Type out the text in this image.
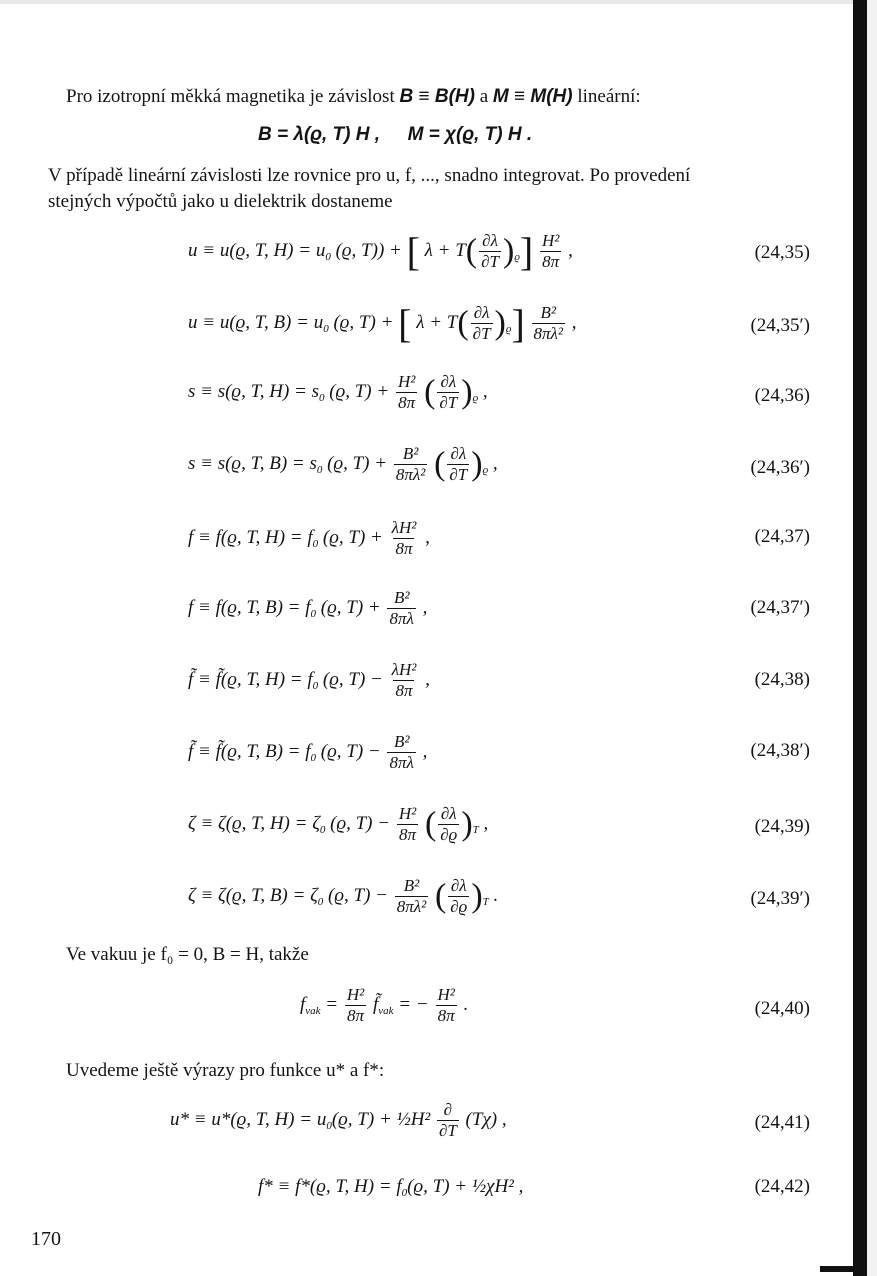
Pro izotropní měkká magnetika je závislost B ≡ B(H) a M ≡ M(H) lineární:
B = λ(ϱ, T) H , M = χ(ϱ, T) H .
V případě lineární závislosti lze rovnice pro u, f, ..., snadno integrovat. Po provedení
stejných výpočtů jako u dielektrik dostaneme
u ≡ u(ϱ, T, $H) = u_0$ (ϱ, T)) + [ $\lambda + T( \frac{\partial\lambda}{\partial T} )_ϱ] \frac{\text{H²}}{8\pi}$ ,	(24,35)
u ≡ u(ϱ, T, $B) = u_0$ (ϱ, T) + [ $\lambda + T( \frac{\partial\lambda}{\partial T} )_ϱ] \frac{\text{B²}}{\text{8πλ²}}$ ,	(24,35′)
s ≡ s(ϱ, T, $H) = s_0$ (ϱ, $T) + \frac{\text{H²}}{8\pi}$ ( $\frac{\partial\lambda}{\partial T} )_ϱ$ ,	(24,36)
s ≡ s(ϱ, T, $B) = s_0$ (ϱ, $T) + \frac{\text{B²}}{\text{8πλ²}}$ ( $\frac{\partial\lambda}{\partial T} )_ϱ$ ,	(24,36′)
f ≡ f(ϱ, T, $H) = f_0$ (ϱ, $T) + \frac{\text{λH²}}{8\pi}$ ,	(24,37)
f ≡ f(ϱ, T, $B) = f_0$ (ϱ, $T) + \frac{\text{B²}}{8\pi\lambda}$ ,	(24,37′)
f̃ ≡ f̃(ϱ, T, $H) = f_0$ (ϱ, $T) - \frac{\text{λH²}}{8\pi}$ ,	(24,38)
f̃ ≡ f̃(ϱ, T, $B) = f_0$ (ϱ, $T) - \frac{\text{B²}}{8\pi\lambda}$ ,	(24,38′)
ζ ≡ ζ(ϱ, T, $H) = \zeta_0$ (ϱ, $T) - \frac{\text{H²}}{8\pi}$ ( $\frac{\partial\lambda}{\partial ϱ} )_T$ ,	(24,39)
ζ ≡ ζ(ϱ, T, $B) = \zeta_0$ (ϱ, $T) - \frac{\text{B²}}{\text{8πλ²}}$ ( $\frac{\partial\lambda}{\partial ϱ} )_T$ .	(24,39′)
Ve vakuu je f₀ = 0, B = H, takže
$f_{vak} = \frac{\text{H²}}{8\pi}$ $f̃_{vak}$ = − $\frac{\text{H²}}{8\pi}$ .	(24,40)
Uvedeme ještě výrazy pro funkce u* a f*:
u* ≡ u*(ϱ, T, $H) = u_0(ϱ$, T) + ½H² $\frac{\partial}{\partial T} (T\chi)$ ,	(24,41)
f* ≡ f*(ϱ, T, $H) = f_0(ϱ$, T) + ½χH² ,	(24,42)
170
